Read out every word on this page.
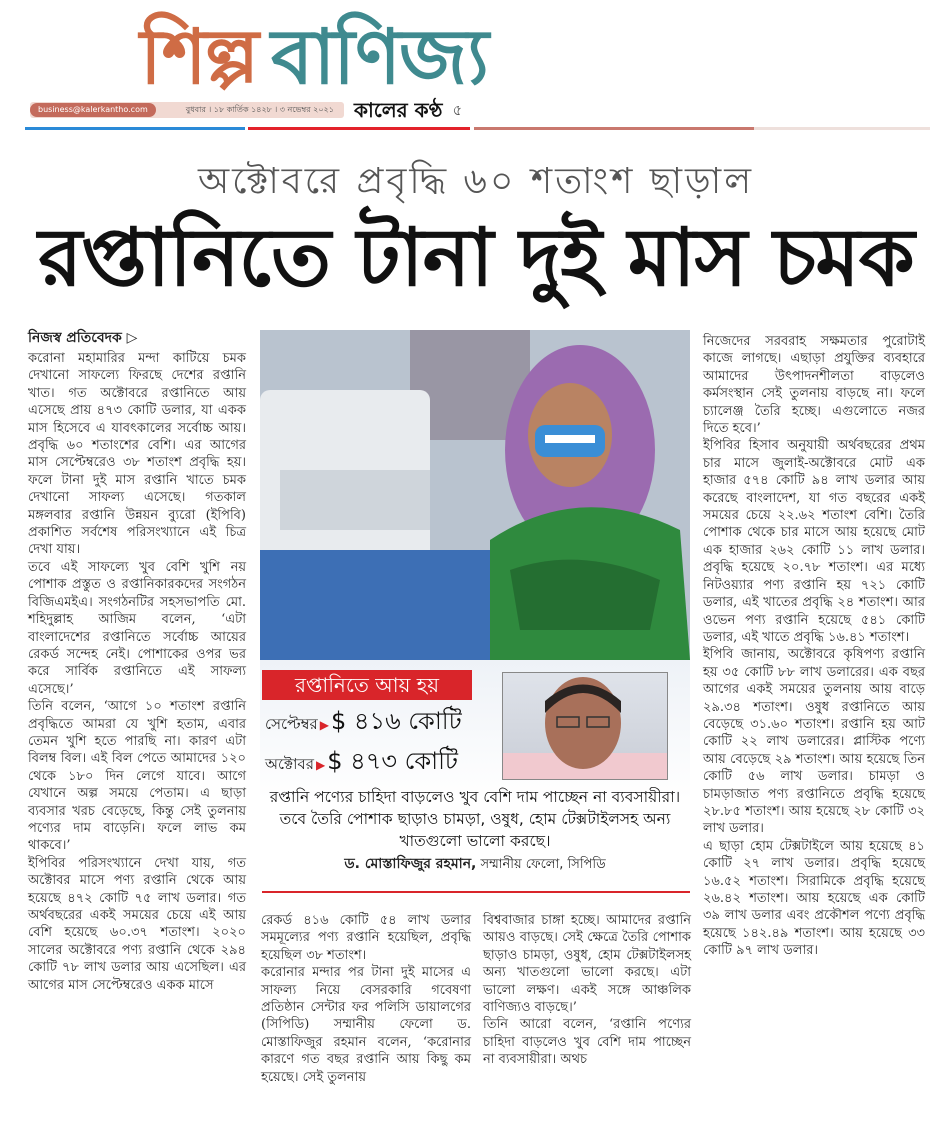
শিল্প বাণিজ্য
business@kalerkantho.com	বুধবার । ১৮ কার্তিক ১৪২৮ । ৩ নভেম্বর ২০২১ কালের কণ্ঠ ৫
অক্টোবরে প্রবৃদ্ধি ৬০ শতাংশ ছাড়াল
রপ্তানিতে টানা দুই মাস চমক
নিজস্ব প্রতিবেদক ▷

করোনা মহামারির মন্দা কাটিয়ে চমক দেখানো সাফল্যে ফিরছে দেশের রপ্তানি খাত। গত অক্টোবরে রপ্তানিতে আয় এসেছে প্রায় ৪৭৩ কোটি ডলার, যা একক মাস হিসেবে এ যাবৎকালের সর্বোচ্চ আয়। প্রবৃদ্ধি ৬০ শতাংশের বেশি। এর আগের মাস সেপ্টেম্বরেও ৩৮ শতাংশ প্রবৃদ্ধি হয়। ফলে টানা দুই মাস রপ্তানি খাতে চমক দেখানো সাফল্য এসেছে। গতকাল মঙ্গলবার রপ্তানি উন্নয়ন ব্যুরো (ইপিবি) প্রকাশিত সর্বশেষ পরিসংখ্যানে এই চিত্র দেখা যায়।

তবে এই সাফল্যে খুব বেশি খুশি নয় পোশাক প্রস্তুত ও রপ্তানিকারকদের সংগঠন বিজিএমইএ। সংগঠনটির সহসভাপতি মো. শহিদুল্লাহ আজিম বলেন, ‘এটা বাংলাদেশের রপ্তানিতে সর্বোচ্চ আয়ের রেকর্ড সন্দেহ নেই। পোশাকের ওপর ভর করে সার্বিক রপ্তানিতে এই সাফল্য এসেছে।’

তিনি বলেন, ‘আগে ১০ শতাংশ রপ্তানি প্রবৃদ্ধিতে আমরা যে খুশি হতাম, এবার তেমন খুশি হতে পারছি না। কারণ এটা বিলম্ব বিল। এই বিল পেতে আমাদের ১২০ থেকে ১৮০ দিন লেগে যাবে। আগে যেখানে অল্প সময়ে পেতাম। এ ছাড়া ব্যবসার খরচ বেড়েছে, কিন্তু সেই তুলনায় পণ্যের দাম বাড়েনি। ফলে লাভ কম থাকবে।’

ইপিবির পরিসংখ্যানে দেখা যায়, গত অক্টোবর মাসে পণ্য রপ্তানি থেকে আয় হয়েছে ৪৭২ কোটি ৭৫ লাখ ডলার। গত অর্থবছরের একই সময়ের চেয়ে এই আয় বেশি হয়েছে ৬০.৩৭ শতাংশ। ২০২০ সালের অক্টোবরে পণ্য রপ্তানি থেকে ২৯৪ কোটি ৭৮ লাখ ডলার আয় এসেছিল। এর আগের মাস সেপ্টেম্বরেও একক মাসে

রপ্তানিতে আয় হয়
সেপ্টেম্বর ▶$ ৪১৬ কোটি
অক্টোবর ▶$ ৪৭৩ কোটি
রপ্তানি পণ্যের চাহিদা বাড়লেও খুব বেশি দাম পাচ্ছেন না ব্যবসায়ীরা। তবে তৈরি পোশাক ছাড়াও চামড়া, ওষুধ, হোম টেক্সটাইলসহ অন্য খাতগুলো ভালো করছে।
ড. মোস্তাফিজুর রহমান, সম্মানীয় ফেলো, সিপিডি

রেকর্ড ৪১৬ কোটি ৫৪ লাখ ডলার সমমূল্যের পণ্য রপ্তানি হয়েছিল, প্রবৃদ্ধি হয়েছিল ৩৮ শতাংশ।

করোনার মন্দার পর টানা দুই মাসের এ সাফল্য নিয়ে বেসরকারি গবেষণা প্রতিষ্ঠান সেন্টার ফর পলিসি ডায়ালগের (সিপিডি) সম্মানীয় ফেলো ড. মোস্তাফিজুর রহমান বলেন, ‘করোনার কারণে গত বছর রপ্তানি আয় কিছু কম হয়েছে। সেই তুলনায়

বিশ্ববাজার চাঙ্গা হচ্ছে। আমাদের রপ্তানি আয়ও বাড়ছে। সেই ক্ষেত্রে তৈরি পোশাক ছাড়াও চামড়া, ওষুধ, হোম টেক্সটাইলসহ অন্য খাতগুলো ভালো করছে। এটা ভালো লক্ষণ। একই সঙ্গে আঞ্চলিক বাণিজ্যও বাড়ছে।’

তিনি আরো বলেন, ‘রপ্তানি পণ্যের চাহিদা বাড়লেও খুব বেশি দাম পাচ্ছেন না ব্যবসায়ীরা। অথচ

নিজেদের সরবরাহ সক্ষমতার পুরোটাই কাজে লাগছে। এছাড়া প্রযুক্তির ব্যবহারে আমাদের উৎপাদনশীলতা বাড়লেও কর্মসংস্থান সেই তুলনায় বাড়ছে না। ফলে চ্যালেঞ্জ তৈরি হচ্ছে। এগুলোতে নজর দিতে হবে।’

ইপিবির হিসাব অনুযায়ী অর্থবছরের প্রথম চার মাসে জুলাই-অক্টোবরে মোট এক হাজার ৫৭৪ কোটি ৯৪ লাখ ডলার আয় করেছে বাংলাদেশ, যা গত বছরের একই সময়ের চেয়ে ২২.৬২ শতাংশ বেশি। তৈরি পোশাক থেকে চার মাসে আয় হয়েছে মোট এক হাজার ২৬২ কোটি ১১ লাখ ডলার। প্রবৃদ্ধি হয়েছে ২০.৭৮ শতাংশ। এর মধ্যে নিটওয়্যার পণ্য রপ্তানি হয় ৭২১ কোটি ডলার, এই খাতের প্রবৃদ্ধি ২৪ শতাংশ। আর ওভেন পণ্য রপ্তানি হয়েছে ৫৪১ কোটি ডলার, এই খাতে প্রবৃদ্ধি ১৬.৪১ শতাংশ।

ইপিবি জানায়, অক্টোবরে কৃষিপণ্য রপ্তানি হয় ৩৫ কোটি ৮৮ লাখ ডলারের। এক বছর আগের একই সময়ের তুলনায় আয় বাড়ে ২৯.৩৪ শতাংশ। ওষুধ রপ্তানিতে আয় বেড়েছে ৩১.৬০ শতাংশ। রপ্তানি হয় আট কোটি ২২ লাখ ডলারের। প্লাস্টিক পণ্যে আয় বেড়েছে ২৯ শতাংশ। আয় হয়েছে তিন কোটি ৫৬ লাখ ডলার। চামড়া ও চামড়াজাত পণ্য রপ্তানিতে প্রবৃদ্ধি হয়েছে ২৮.৮৫ শতাংশ। আয় হয়েছে ২৮ কোটি ৩২ লাখ ডলার।

এ ছাড়া হোম টেক্সটাইলে আয় হয়েছে ৪১ কোটি ২৭ লাখ ডলার। প্রবৃদ্ধি হয়েছে ১৬.৫২ শতাংশ। সিরামিকে প্রবৃদ্ধি হয়েছে ২৬.৪২ শতাংশ। আয় হয়েছে এক কোটি ৩৯ লাখ ডলার এবং প্রকৌশল পণ্যে প্রবৃদ্ধি হয়েছে ১৪২.৪৯ শতাংশ। আয় হয়েছে ৩৩ কোটি ৯৭ লাখ ডলার।
